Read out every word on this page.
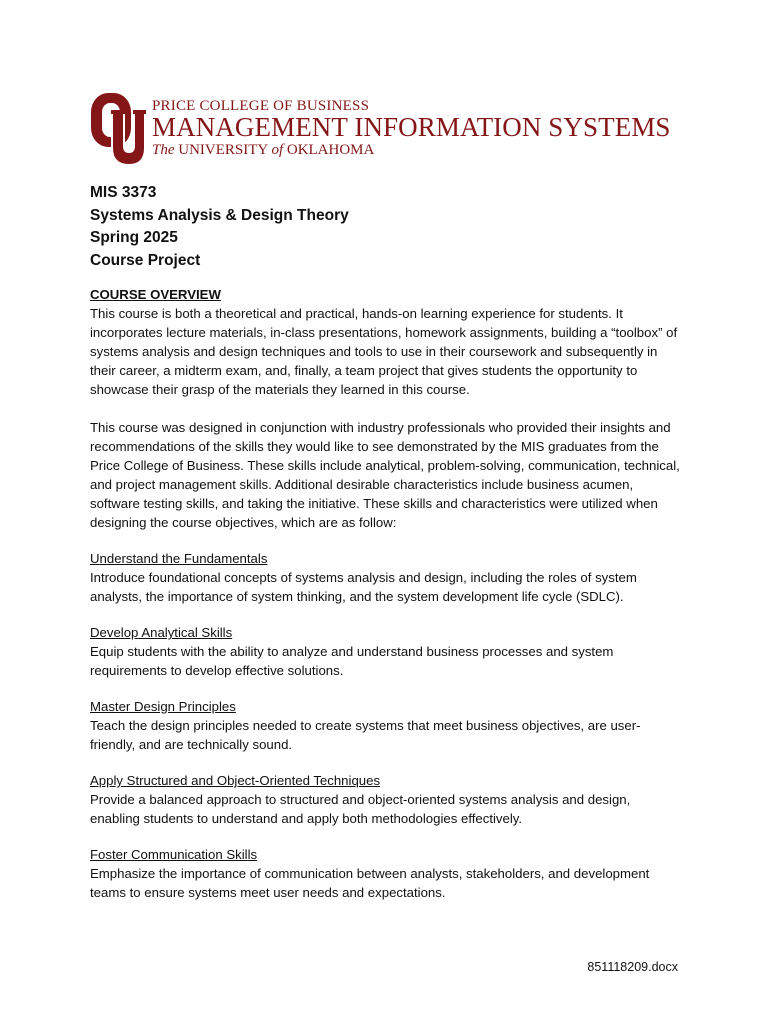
PRICE COLLEGE OF BUSINESS
MANAGEMENT INFORMATION SYSTEMS
The UNIVERSITY of OKLAHOMA
MIS 3373
Systems Analysis & Design Theory
Spring 2025
Course Project
COURSE OVERVIEW

This course is both a theoretical and practical, hands-on learning experience for students. It incorporates lecture materials, in-class presentations, homework assignments, building a “toolbox” of systems analysis and design techniques and tools to use in their coursework and subsequently in their career, a midterm exam, and, finally, a team project that gives students the opportunity to showcase their grasp of the materials they learned in this course.

This course was designed in conjunction with industry professionals who provided their insights and recommendations of the skills they would like to see demonstrated by the MIS graduates from the Price College of Business. These skills include analytical, problem-solving, communication, technical, and project management skills. Additional desirable characteristics include business acumen, software testing skills, and taking the initiative. These skills and characteristics were utilized when designing the course objectives, which are as follow:

Understand the Fundamentals

Introduce foundational concepts of systems analysis and design, including the roles of system analysts, the importance of system thinking, and the system development life cycle (SDLC).

Develop Analytical Skills

Equip students with the ability to analyze and understand business processes and system requirements to develop effective solutions.

Master Design Principles

Teach the design principles needed to create systems that meet business objectives, are user-friendly, and are technically sound.

Apply Structured and Object-Oriented Techniques

Provide a balanced approach to structured and object-oriented systems analysis and design, enabling students to understand and apply both methodologies effectively.

Foster Communication Skills

Emphasize the importance of communication between analysts, stakeholders, and development teams to ensure systems meet user needs and expectations.

851118209.docx
